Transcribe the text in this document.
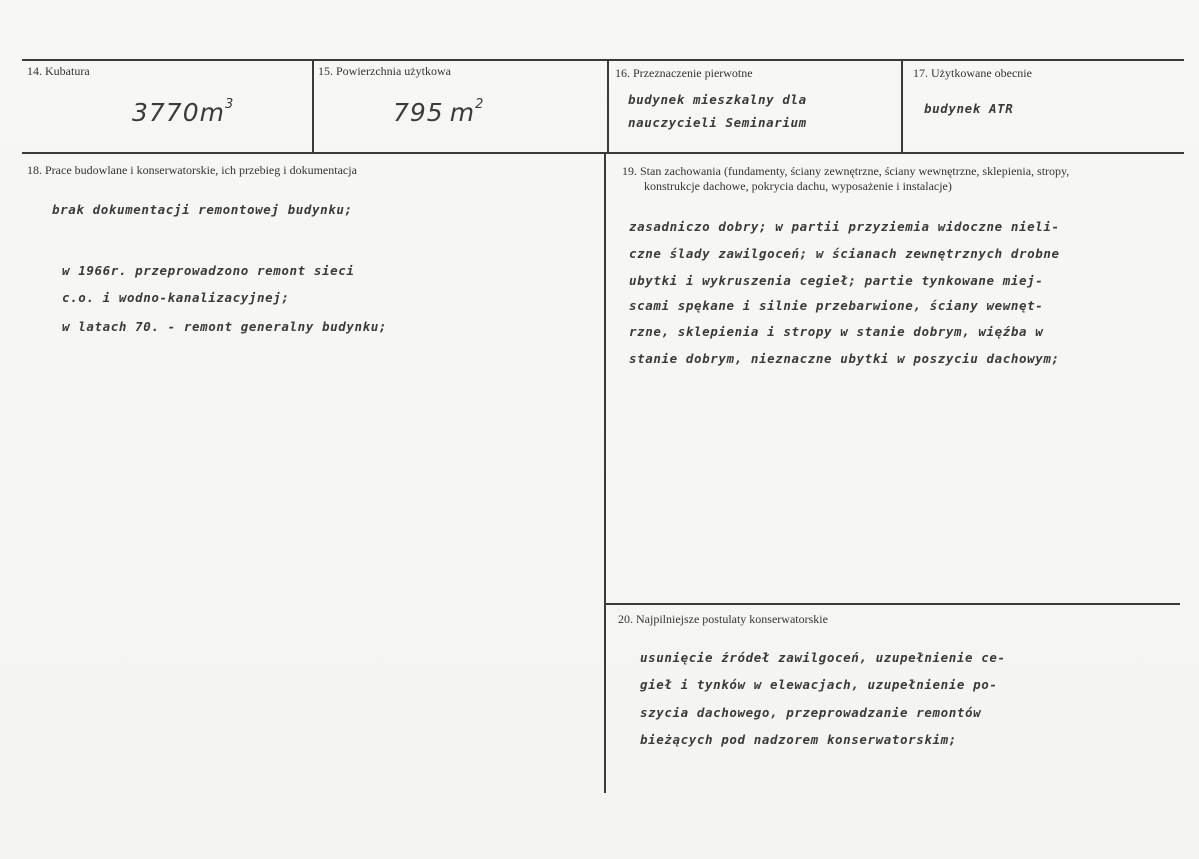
14. Kubatura
$3770m^3$
15. Powierzchnia użytkowa
795 $m^2$
16. Przeznaczenie pierwotne
budynek mieszkalny dla
nauczycieli Seminarium
17. Użytkowane obecnie
budynek ATR
18. Prace budowlane i konserwatorskie, ich przebieg i dokumentacja
brak dokumentacji remontowej budynku;
w 1966r. przeprowadzono remont sieci
c.o. i wodno-kanalizacyjnej;
w latach 70. - remont generalny budynku;
19. Stan zachowania (fundamenty, ściany zewnętrzne, ściany wewnętrzne, sklepienia, stropy,
konstrukcje dachowe, pokrycia dachu, wyposażenie i instalacje)
zasadniczo dobry; w partii przyziemia widoczne nieli-
czne ślady zawilgoceń; w ścianach zewnętrznych drobne
ubytki i wykruszenia cegieł; partie tynkowane miej-
scami spękane i silnie przebarwione, ściany wewnęt-
rzne, sklepienia i stropy w stanie dobrym, więźba w
stanie dobrym, nieznaczne ubytki w poszyciu dachowym;
20. Najpilniejsze postulaty konserwatorskie
usunięcie źródeł zawilgoceń, uzupełnienie ce-
gieł i tynków w elewacjach, uzupełnienie po-
szycia dachowego, przeprowadzanie remontów
bieżących pod nadzorem konserwatorskim;
